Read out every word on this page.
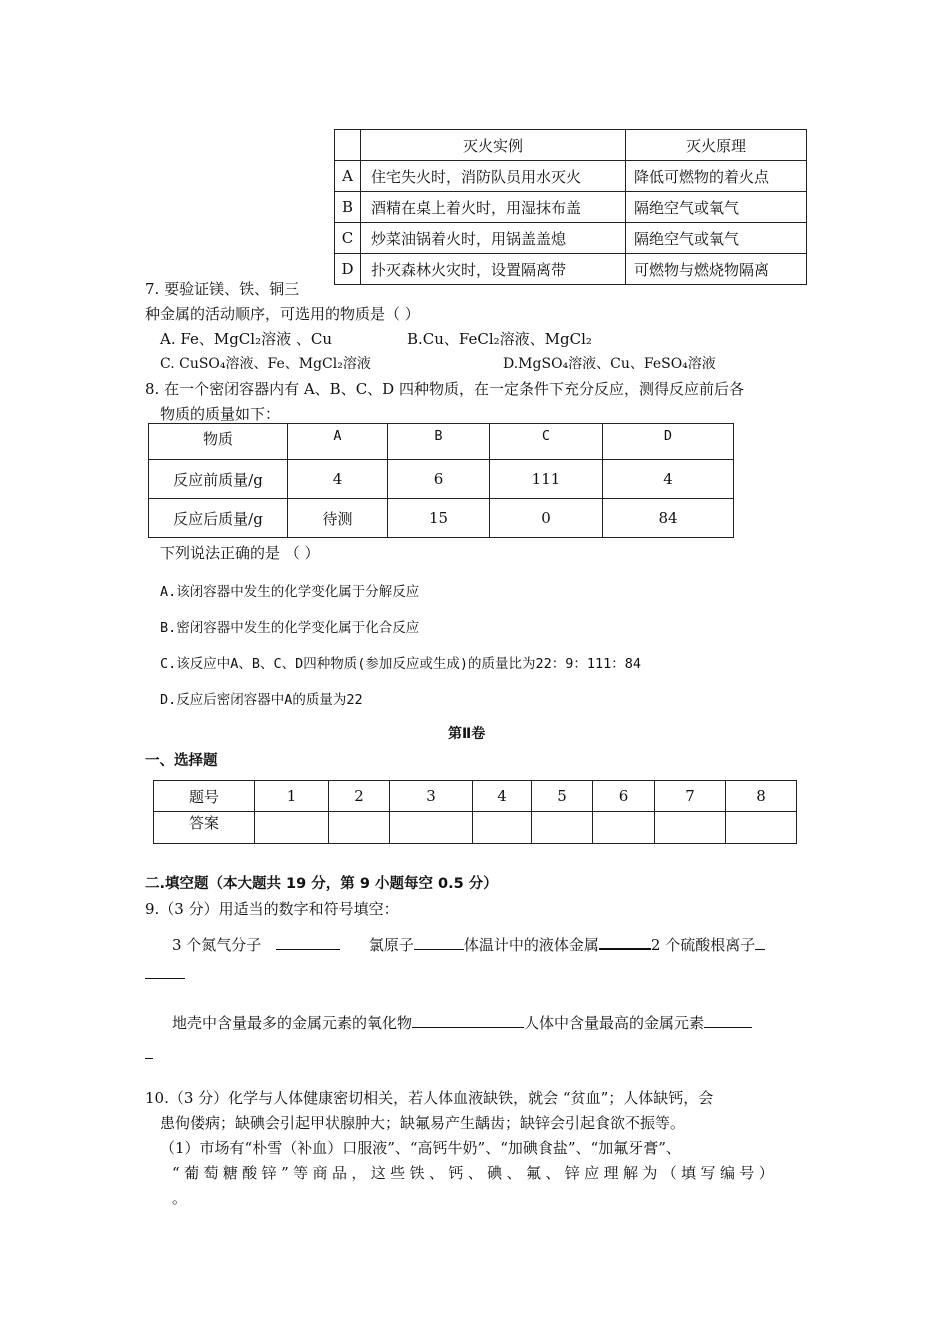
	灭火实例	灭火原理
A	住宅失火时，消防队员用水灭火	降低可燃物的着火点
B	酒精在桌上着火时，用湿抹布盖	隔绝空气或氧气
C	炒菜油锅着火时，用锅盖盖熄	隔绝空气或氧气
D	扑灭森林火灾时，设置隔离带	可燃物与燃烧物隔离
7. 要验证镁、铁、铜三
种金属的活动顺序，可选用的物质是（ ）
A. Fe、MgCl₂溶液 、Cu	B.Cu、FeCl₂溶液、MgCl₂
C. CuSO₄溶液、Fe、MgCl₂溶液	D.MgSO₄溶液、Cu、FeSO₄溶液
8. 在一个密闭容器内有 A、B、C、D 四种物质，在一定条件下充分反应，测得反应前后各
物质的质量如下：
物质	A	B	C	D
反应前质量/g	4	6	111	4
反应后质量/g	待测	15	0	84
下列说法正确的是 （ ）
A.该闭容器中发生的化学变化属于分解反应
B.密闭容器中发生的化学变化属于化合反应
C.该反应中A、B、C、D四种物质(参加反应或生成)的质量比为22：9：111：84
D.反应后密闭容器中A的质量为22
第Ⅱ卷
一、选择题
题号	1	2	3	4	5	6	7	8
答案								
二.填空题（本大题共 19 分，第 9 小题每空 0.5 分）
9.（3 分）用适当的数字和符号填空：
3 个氮气分子	氯原子	体温计中的液体金属	2 个硫酸根离子
地壳中含量最多的金属元素的氧化物	人体中含量最高的金属元素
10.（3 分）化学与人体健康密切相关，若人体血液缺铁，就会 “贫血”；人体缺钙，会
患佝偻病；缺碘会引起甲状腺肿大；缺氟易产生龋齿；缺锌会引起食欲不振等。
（1）市场有“朴雪（补血）口服液”、“高钙牛奶”、“加碘食盐”、“加氟牙膏”、
“葡萄糖酸锌”等商品，这些铁、钙、碘、氟、锌应理解为（填写编号）
。
